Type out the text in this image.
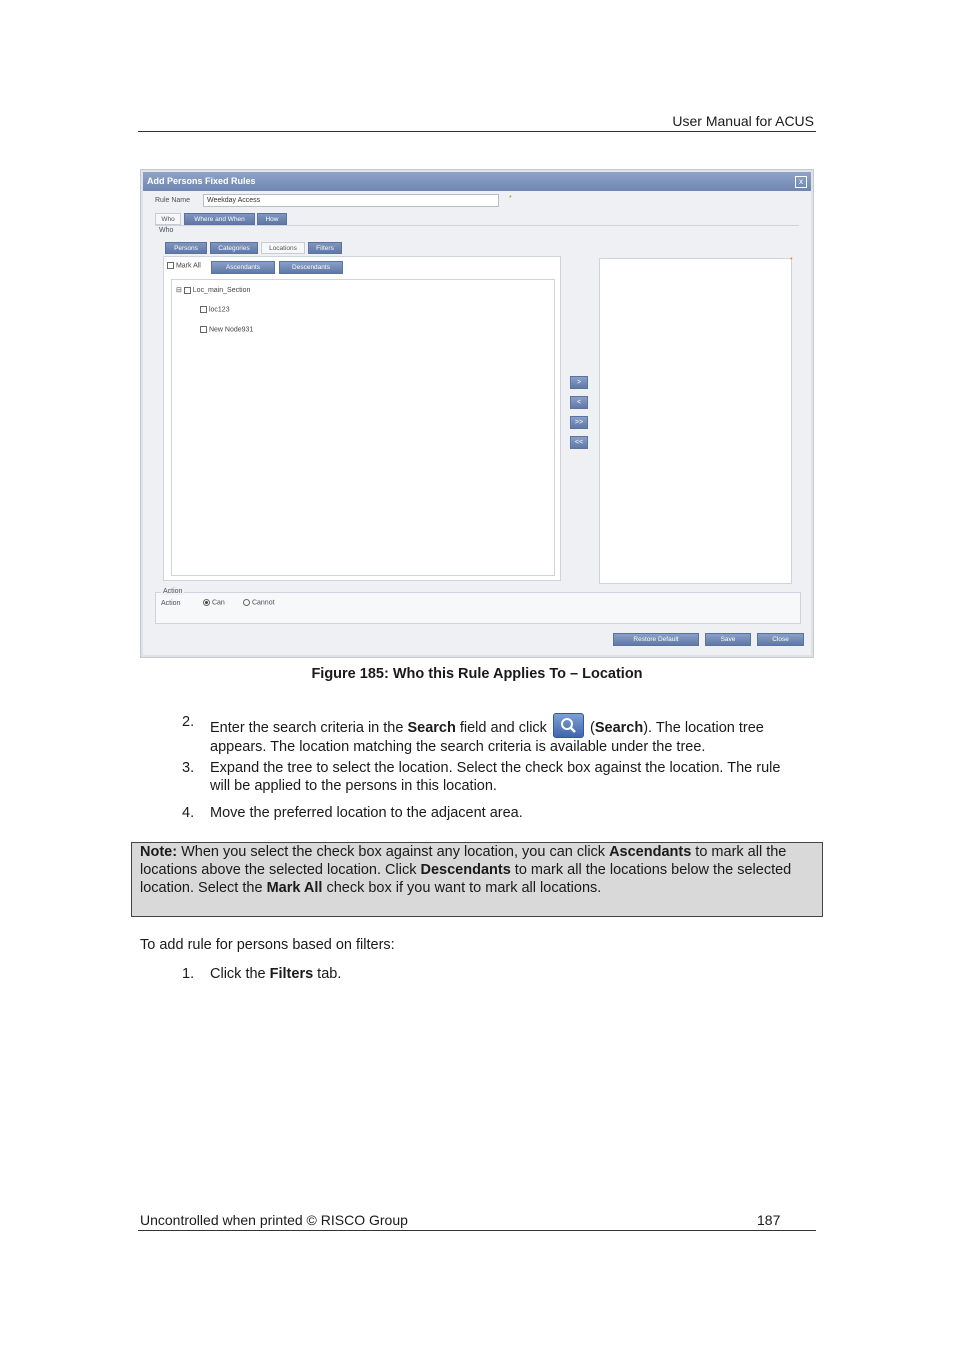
User Manual for ACUS
Add Persons Fixed Rules	x
Rule Name	Weekday Access	*
Who	Where and When	How
Who
Persons	Categories	Locations	Filters
Mark All	Ascendants	Descendants
⊟ Loc_main_Section
loc123
New Node931
>
<
>>
<<
*
Action
Action	Can	Cannot
Restore Default	Save	Close
Figure 185: Who this Rule Applies To – Location
2. Enter the search criteria in the Search field and click	(Search). The location tree appears. The location matching the search criteria is available under the tree.
3. Expand the tree to select the location. Select the check box against the location. The rule will be applied to the persons in this location.
4. Move the preferred location to the adjacent area.
Note: When you select the check box against any location, you can click Ascendants to mark all the locations above the selected location. Click Descendants to mark all the locations below the selected location. Select the Mark All check box if you want to mark all locations.
To add rule for persons based on filters:
1. Click the Filters tab.
Uncontrolled when printed © RISCO Group	187
